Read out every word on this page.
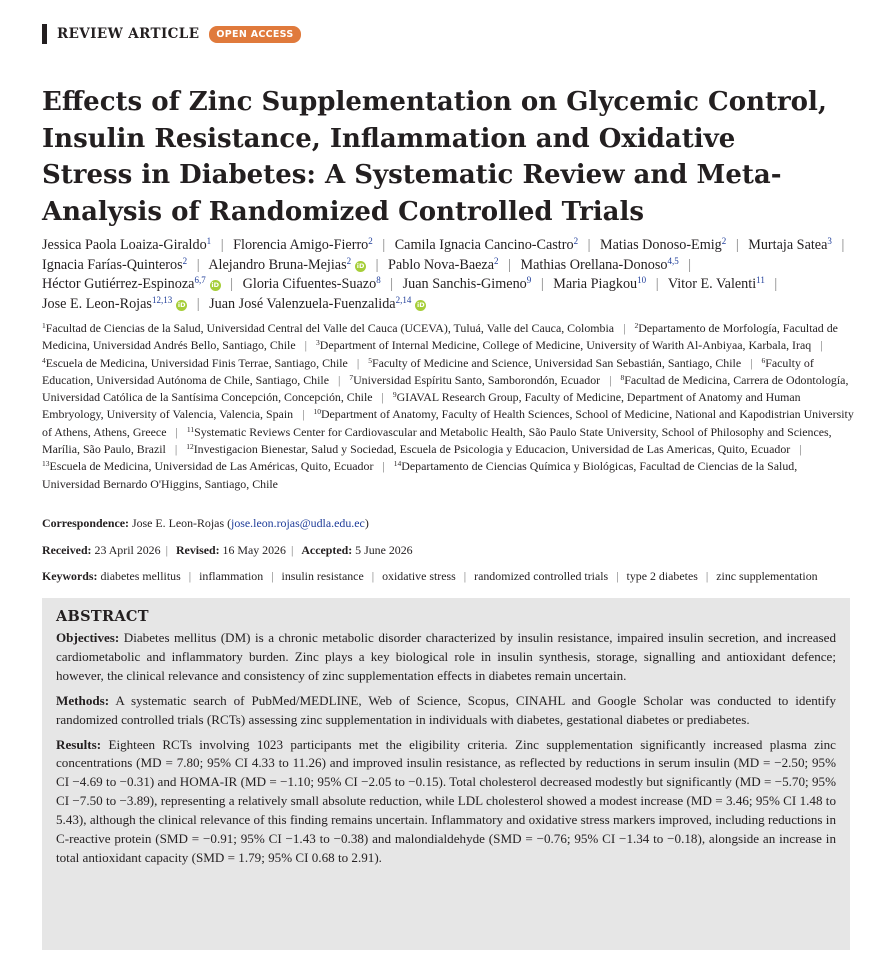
REVIEW ARTICLE	OPEN ACCESS
Effects of Zinc Supplementation on Glycemic Control, Insulin Resistance, Inflammation and Oxidative Stress in Diabetes: A Systematic Review and Meta-Analysis of Randomized Controlled Trials
Jessica Paola Loaiza-Giraldo$^1$ | Florencia Amigo-Fierro$^2$ | Camila Ignacia Cancino-Castro$^2$ | Matias Donoso-Emig$^2$ | Murtaja Satea$^3$ | Ignacia Farías-Quinteros$^2$ | Alejandro Bruna-Mejias$^2$ iD | Pablo Nova-Baeza$^2$ | Mathias Orellana-Donoso$^{4,5}$ | Héctor Gutiérrez-Espinoza$^{6,7}$ iD | Gloria Cifuentes-Suazo$^8$ | Juan Sanchis-Gimeno$^9$ | Maria Piagkou$^{10}$ | Vitor E. Valenti$^{11}$ | Jose E. Leon-Rojas$^{12,13}$ iD | Juan José Valenzuela-Fuenzalida$^{2,14}$ iD
$^1$Facultad de Ciencias de la Salud, Universidad Central del Valle del Cauca (UCEVA), Tuluá, Valle del Cauca, Colombia | $^2$Departamento de Morfología, Facultad de Medicina, Universidad Andrés Bello, Santiago, Chile | $^3$Department of Internal Medicine, College of Medicine, University of Warith Al-Anbiyaa, Karbala, Iraq | $^4$Escuela de Medicina, Universidad Finis Terrae, Santiago, Chile | $^5$Faculty of Medicine and Science, Universidad San Sebastián, Santiago, Chile | $^6$Faculty of Education, Universidad Autónoma de Chile, Santiago, Chile | $^7$Universidad Espíritu Santo, Samborondón, Ecuador | $^8$Facultad de Medicina, Carrera de Odontología, Universidad Católica de la Santísima Concepción, Concepción, Chile | $^9$GIAVAL Research Group, Faculty of Medicine, Department of Anatomy and Human Embryology, University of Valencia, Valencia, Spain | $^{10}$Department of Anatomy, Faculty of Health Sciences, School of Medicine, National and Kapodistrian University of Athens, Athens, Greece | $^{11}$Systematic Reviews Center for Cardiovascular and Metabolic Health, São Paulo State University, School of Philosophy and Sciences, Marília, São Paulo, Brazil | $^{12}$Investigacion Bienestar, Salud y Sociedad, Escuela de Psicologia y Educacion, Universidad de Las Americas, Quito, Ecuador | $^{13}$Escuela de Medicina, Universidad de Las Américas, Quito, Ecuador | $^{14}$Departamento de Ciencias Química y Biológicas, Facultad de Ciencias de la Salud, Universidad Bernardo O'Higgins, Santiago, Chile
Correspondence: Jose E. Leon-Rojas (jose.leon.rojas@udla.edu.ec)
Received: 23 April 2026 | Revised: 16 May 2026 | Accepted: 5 June 2026
Keywords: diabetes mellitus | inflammation | insulin resistance | oxidative stress | randomized controlled trials | type 2 diabetes | zinc supplementation
ABSTRACT

Objectives: Diabetes mellitus (DM) is a chronic metabolic disorder characterized by insulin resistance, impaired insulin secretion, and increased cardiometabolic and inflammatory burden. Zinc plays a key biological role in insulin synthesis, storage, signalling and antioxidant defence; however, the clinical relevance and consistency of zinc supplementation effects in diabetes remain uncertain.

Methods: A systematic search of PubMed/MEDLINE, Web of Science, Scopus, CINAHL and Google Scholar was conducted to identify randomized controlled trials (RCTs) assessing zinc supplementation in individuals with diabetes, gestational diabetes or prediabetes.

Results: Eighteen RCTs involving 1023 participants met the eligibility criteria. Zinc supplementation significantly increased plasma zinc concentrations (MD = 7.80; 95% CI 4.33 to 11.26) and improved insulin resistance, as reflected by reductions in serum insulin (MD = −2.50; 95% CI −4.69 to −0.31) and HOMA-IR (MD = −1.10; 95% CI −2.05 to −0.15). Total cholesterol decreased modestly but significantly (MD = −5.70; 95% CI −7.50 to −3.89), representing a relatively small absolute reduction, while LDL cholesterol showed a modest increase (MD = 3.46; 95% CI 1.48 to 5.43), although the clinical relevance of this finding remains uncertain. Inflammatory and oxidative stress markers improved, including reductions in C-reactive protein (SMD = −0.91; 95% CI −1.43 to −0.38) and malondialdehyde (SMD = −0.76; 95% CI −1.34 to −0.18), alongside an increase in total antioxidant capacity (SMD = 1.79; 95% CI 0.68 to 2.91).
